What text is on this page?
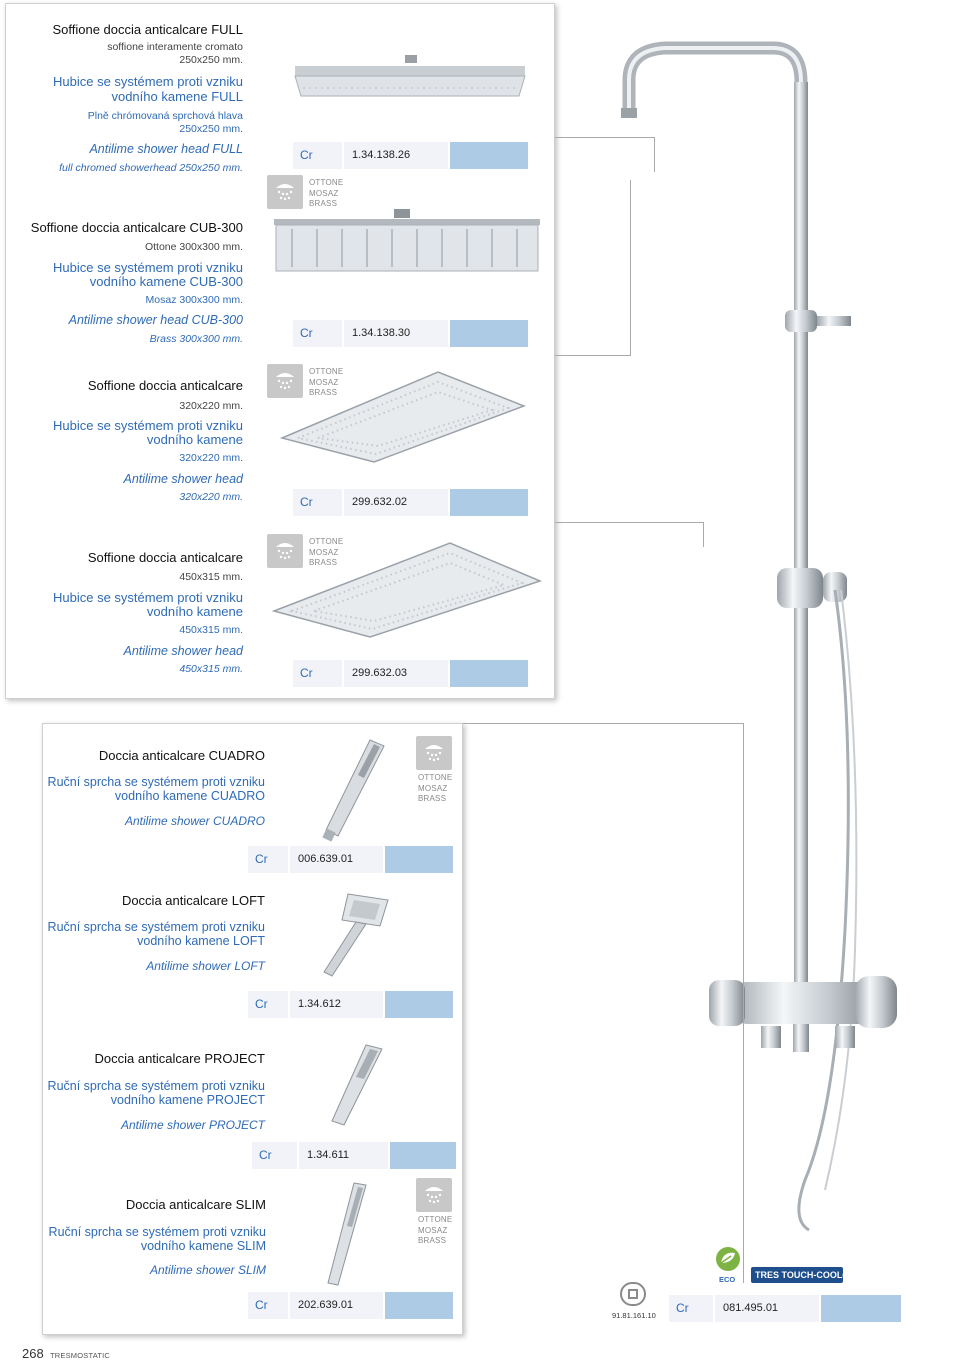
Soffione doccia anticalcare FULL
soffione interamente cromato
250x250 mm.
Hubice se systémem proti vzniku
vodního kamene FULL
Plně chrómovaná sprchová hlava
250x250 mm.
Antilime shower head FULL
full chromed showerhead 250x250 mm.
Soffione doccia anticalcare CUB-300
Ottone 300x300 mm.
Hubice se systémem proti vzniku
vodního kamene CUB-300
Mosaz 300x300 mm.
Antilime shower head CUB-300
Brass 300x300 mm.
Soffione doccia anticalcare
320x220 mm.
Hubice se systémem proti vzniku
vodního kamene
320x220 mm.
Antilime shower head
320x220 mm.
Soffione doccia anticalcare
450x315 mm.
Hubice se systémem proti vzniku
vodního kamene
450x315 mm.
Antilime shower head
450x315 mm.
OTTONE
MOSAZ
BRASS
OTTONE
MOSAZ
BRASS
OTTONE
MOSAZ
BRASS
Cr	1.34.138.26
Cr	1.34.138.30
Cr	299.632.02
Cr	299.632.03
Doccia anticalcare CUADRO
Ruční sprcha se systémem proti vzniku
vodního kamene CUADRO
Antilime shower CUADRO
Doccia anticalcare LOFT
Ruční sprcha se systémem proti vzniku
vodního kamene LOFT
Antilime shower LOFT
Doccia anticalcare PROJECT
Ruční sprcha se systémem proti vzniku
vodního kamene PROJECT
Antilime shower PROJECT
Doccia anticalcare SLIM
Ruční sprcha se systémem proti vzniku
vodního kamene SLIM
Antilime shower SLIM
OTTONE
MOSAZ
BRASS
OTTONE
MOSAZ
BRASS
Cr	006.639.01
Cr	1.34.612
Cr	1.34.611
Cr	202.639.01
ECO	TRES TOUCH-COOL®
91.81.161.10
Cr	081.495.01
268 TRESMOSTATIC
